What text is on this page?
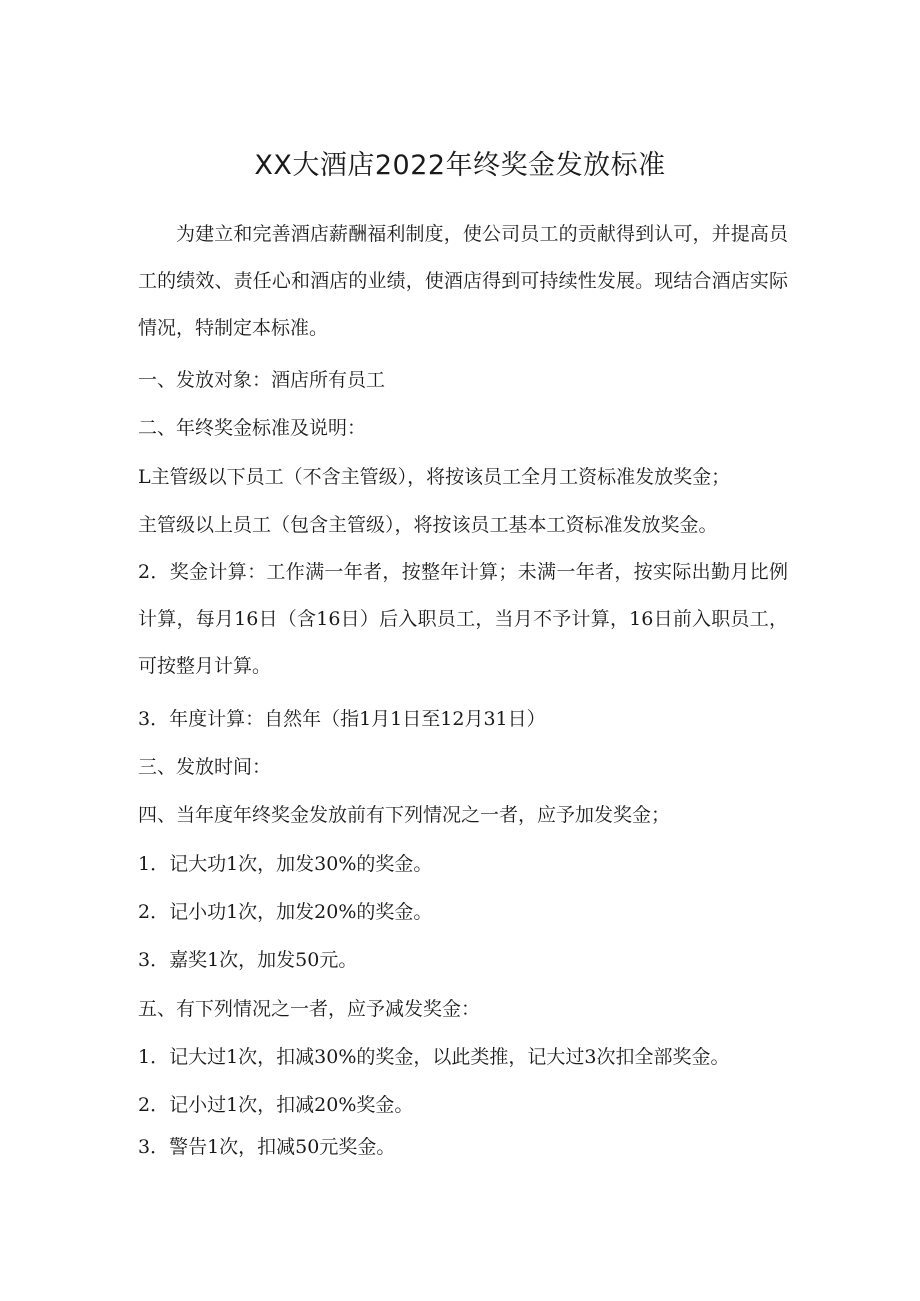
XX大酒店2022年终奖金发放标准
为建立和完善酒店薪酬福利制度，使公司员工的贡献得到认可，并提高员工的绩效、责任心和酒店的业绩，使酒店得到可持续性发展。现结合酒店实际情况，特制定本标准。
一、发放对象：酒店所有员工
二、年终奖金标准及说明：
L主管级以下员工（不含主管级），将按该员工全月工资标准发放奖金；
主管级以上员工（包含主管级），将按该员工基本工资标准发放奖金。
2．奖金计算：工作满一年者，按整年计算；未满一年者，按实际出勤月比例计算，每月16日（含16日）后入职员工，当月不予计算，16日前入职员工，可按整月计算。
3．年度计算：自然年（指1月1日至12月31日）
三、发放时间：
四、当年度年终奖金发放前有下列情况之一者，应予加发奖金；
1．记大功1次，加发30%的奖金。
2．记小功1次，加发20%的奖金。
3．嘉奖1次，加发50元。
五、有下列情况之一者，应予减发奖金：
1．记大过1次，扣减30%的奖金，以此类推，记大过3次扣全部奖金。
2．记小过1次，扣减20%奖金。
3．警告1次，扣减50元奖金。
